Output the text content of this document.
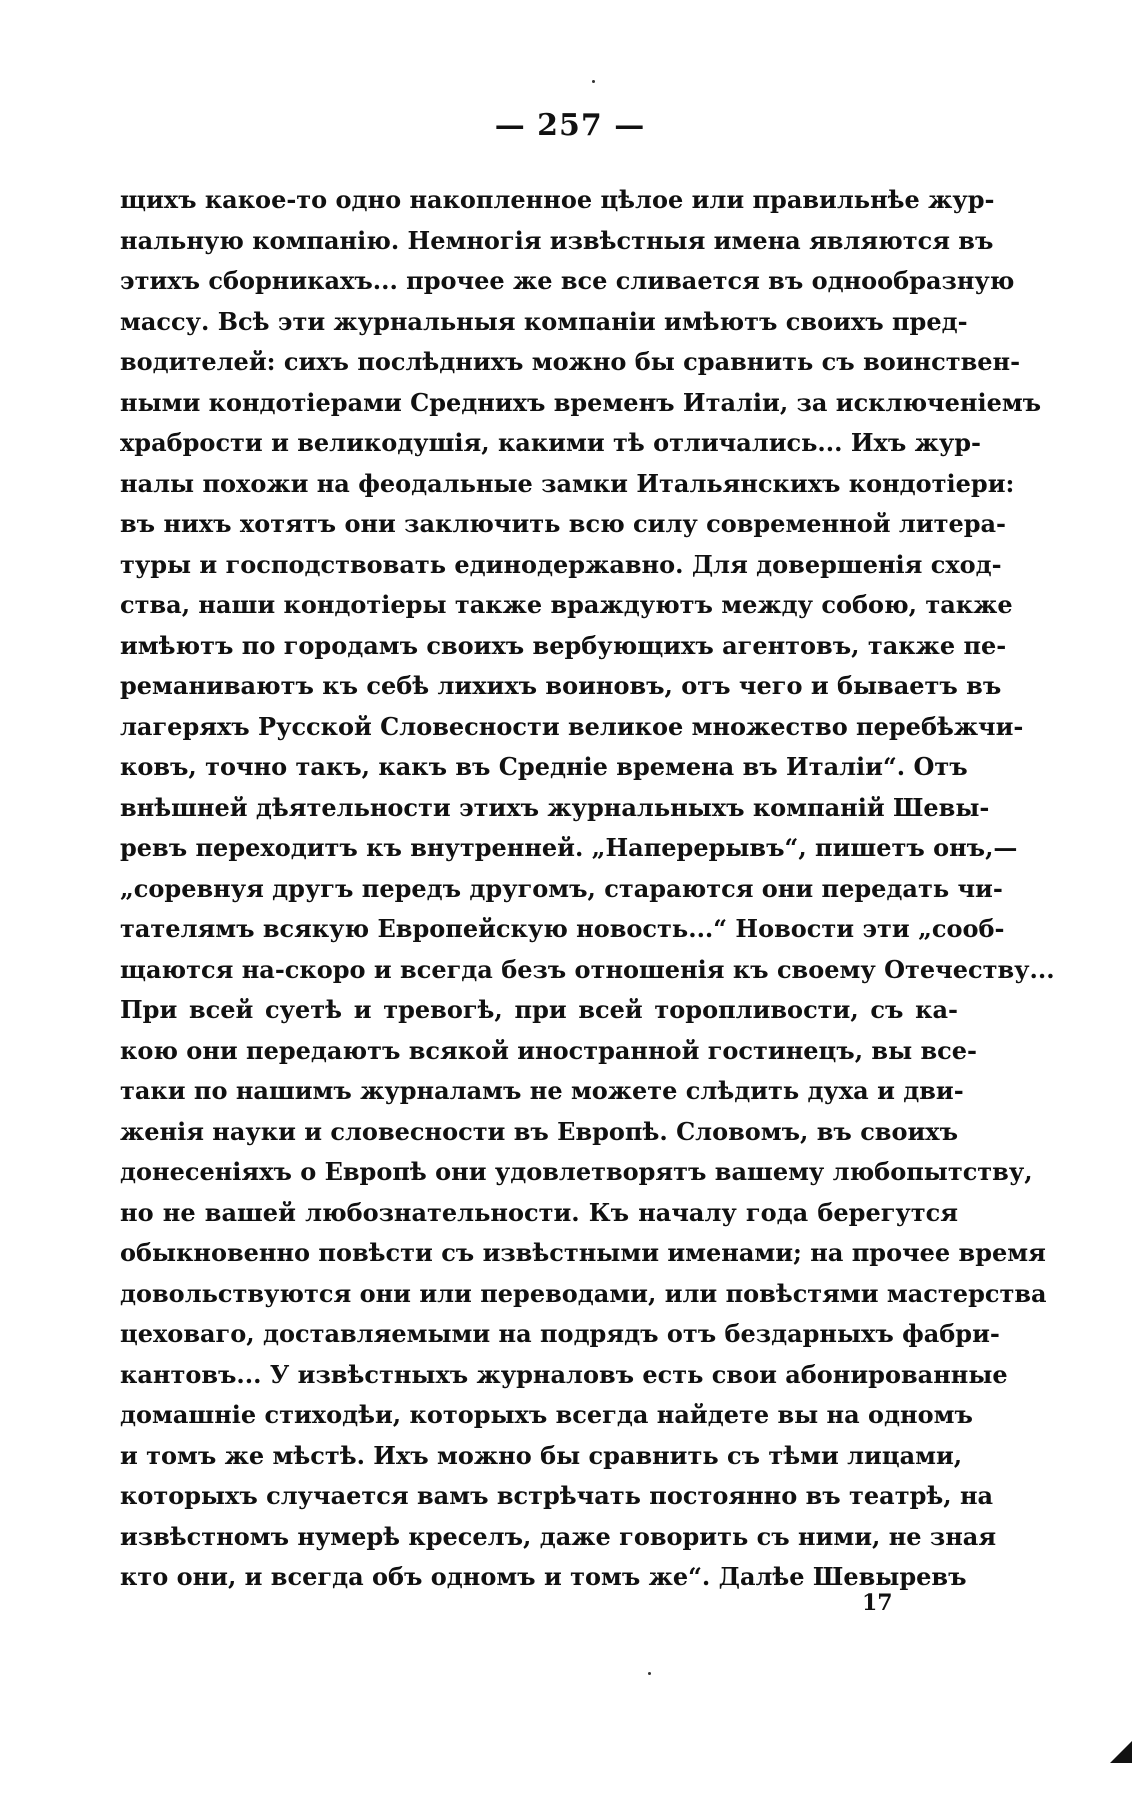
— 257 —
щихъ какое-то одно накопленное цѣлое или правильнѣе жур-
нальную компанію. Немногія извѣстныя имена являются въ
этихъ сборникахъ... прочее же все сливается въ однообразную
массу. Всѣ эти журнальныя компаніи имѣютъ своихъ пред-
водителей: сихъ послѣднихъ можно бы сравнить съ воинствен-
ными кондотіерами Среднихъ временъ Италіи, за исключеніемъ
храбрости и великодушія, какими тѣ отличались... Ихъ жур-
налы похожи на феодальные замки Итальянскихъ кондотіери:
въ нихъ хотятъ они заключить всю силу современной литера-
туры и господствовать единодержавно. Для довершенія сход-
ства, наши кондотіеры также враждуютъ между собою, также
имѣютъ по городамъ своихъ вербующихъ агентовъ, также пе-
реманиваютъ къ себѣ лихихъ воиновъ, отъ чего и бываетъ въ
лагеряхъ Русской Словесности великое множество перебѣжчи-
ковъ, точно такъ, какъ въ Средніе времена въ Италіи“. Отъ
внѣшней дѣятельности этихъ журнальныхъ компаній Шевы-
ревъ переходитъ къ внутренней. „Наперерывъ“, пишетъ онъ,—
„соревнуя другъ передъ другомъ, стараются они передать чи-
тателямъ всякую Европейскую новость...“ Новости эти „сооб-
щаются на-скоро и всегда безъ отношенія къ своему Отечеству...
При всей суетѣ и тревогѣ, при всей торопливости, съ ка-
кою они передаютъ всякой иностранной гостинецъ, вы все-
таки по нашимъ журналамъ не можете слѣдить духа и дви-
женія науки и словесности въ Европѣ. Словомъ, въ своихъ
донесеніяхъ о Европѣ они удовлетворятъ вашему любопытству,
но не вашей любознательности. Къ началу года берегутся
обыкновенно повѣсти съ извѣстными именами; на прочее время
довольствуются они или переводами, или повѣстями мастерства
цеховаго, доставляемыми на подрядъ отъ бездарныхъ фабри-
кантовъ... У извѣстныхъ журналовъ есть свои абонированные
домашніе стиходѣи, которыхъ всегда найдете вы на одномъ
и томъ же мѣстѣ. Ихъ можно бы сравнить съ тѣми лицами,
которыхъ случается вамъ встрѣчать постоянно въ театрѣ, на
извѣстномъ нумерѣ креселъ, даже говорить съ ними, не зная
кто они, и всегда объ одномъ и томъ же“. Далѣе Шевыревъ
17
